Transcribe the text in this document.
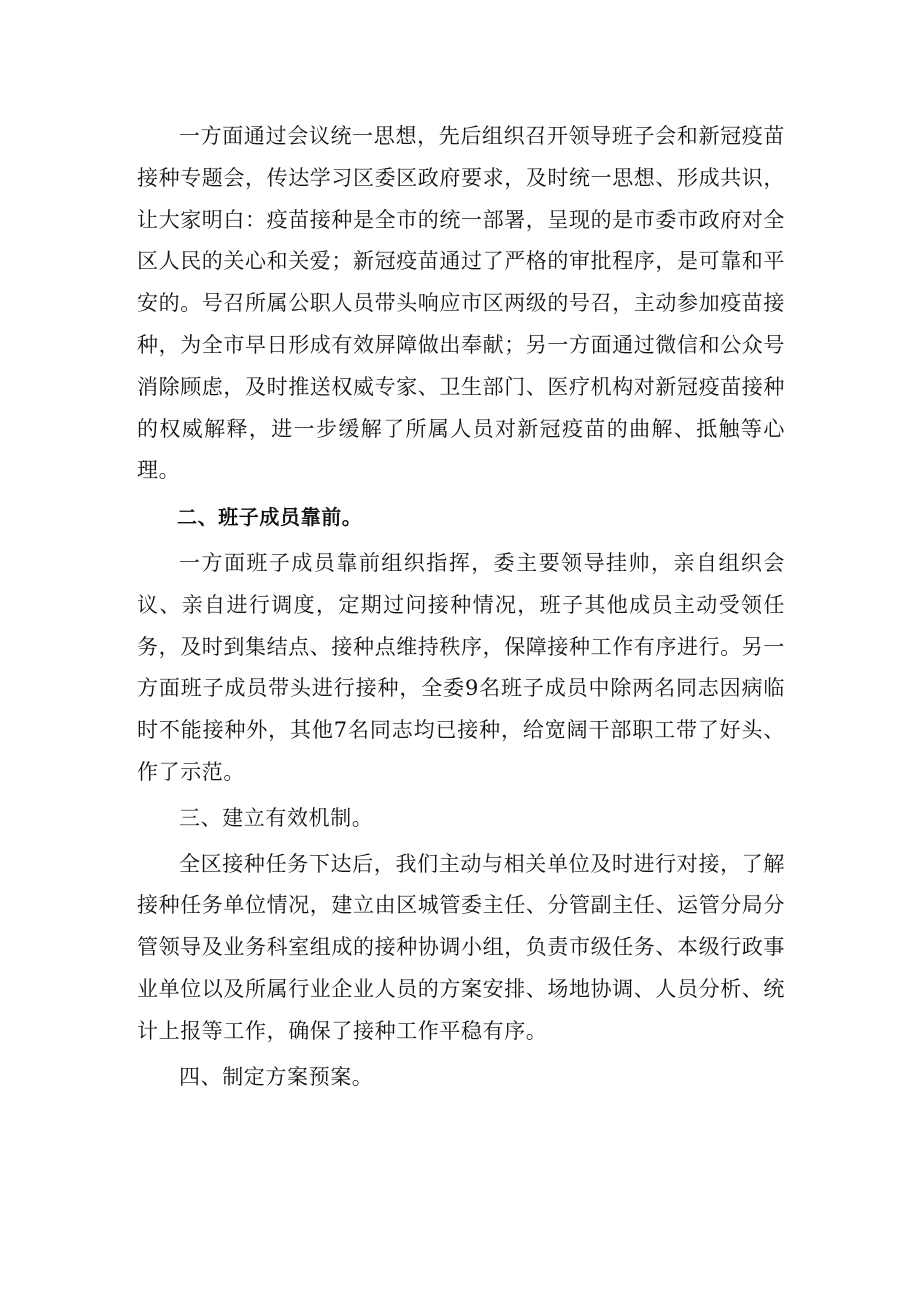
一方面通过会议统一思想，先后组织召开领导班子会和新冠疫苗接种专题会，传达学习区委区政府要求，及时统一思想、形成共识，让大家明白：疫苗接种是全市的统一部署，呈现的是市委市政府对全区人民的关心和关爱；新冠疫苗通过了严格的审批程序，是可靠和平安的。号召所属公职人员带头响应市区两级的号召，主动参加疫苗接种，为全市早日形成有效屏障做出奉献；另一方面通过微信和公众号消除顾虑，及时推送权威专家、卫生部门、医疗机构对新冠疫苗接种的权威解释，进一步缓解了所属人员对新冠疫苗的曲解、抵触等心理。

二、班子成员靠前。

一方面班子成员靠前组织指挥，委主要领导挂帅，亲自组织会议、亲自进行调度，定期过问接种情况，班子其他成员主动受领任务，及时到集结点、接种点维持秩序，保障接种工作有序进行。另一方面班子成员带头进行接种，全委9名班子成员中除两名同志因病临时不能接种外，其他7名同志均已接种，给宽阔干部职工带了好头、作了示范。

三、建立有效机制。

全区接种任务下达后，我们主动与相关单位及时进行对接，了解接种任务单位情况，建立由区城管委主任、分管副主任、运管分局分管领导及业务科室组成的接种协调小组，负责市级任务、本级行政事业单位以及所属行业企业人员的方案安排、场地协调、人员分析、统计上报等工作，确保了接种工作平稳有序。

四、制定方案预案。
